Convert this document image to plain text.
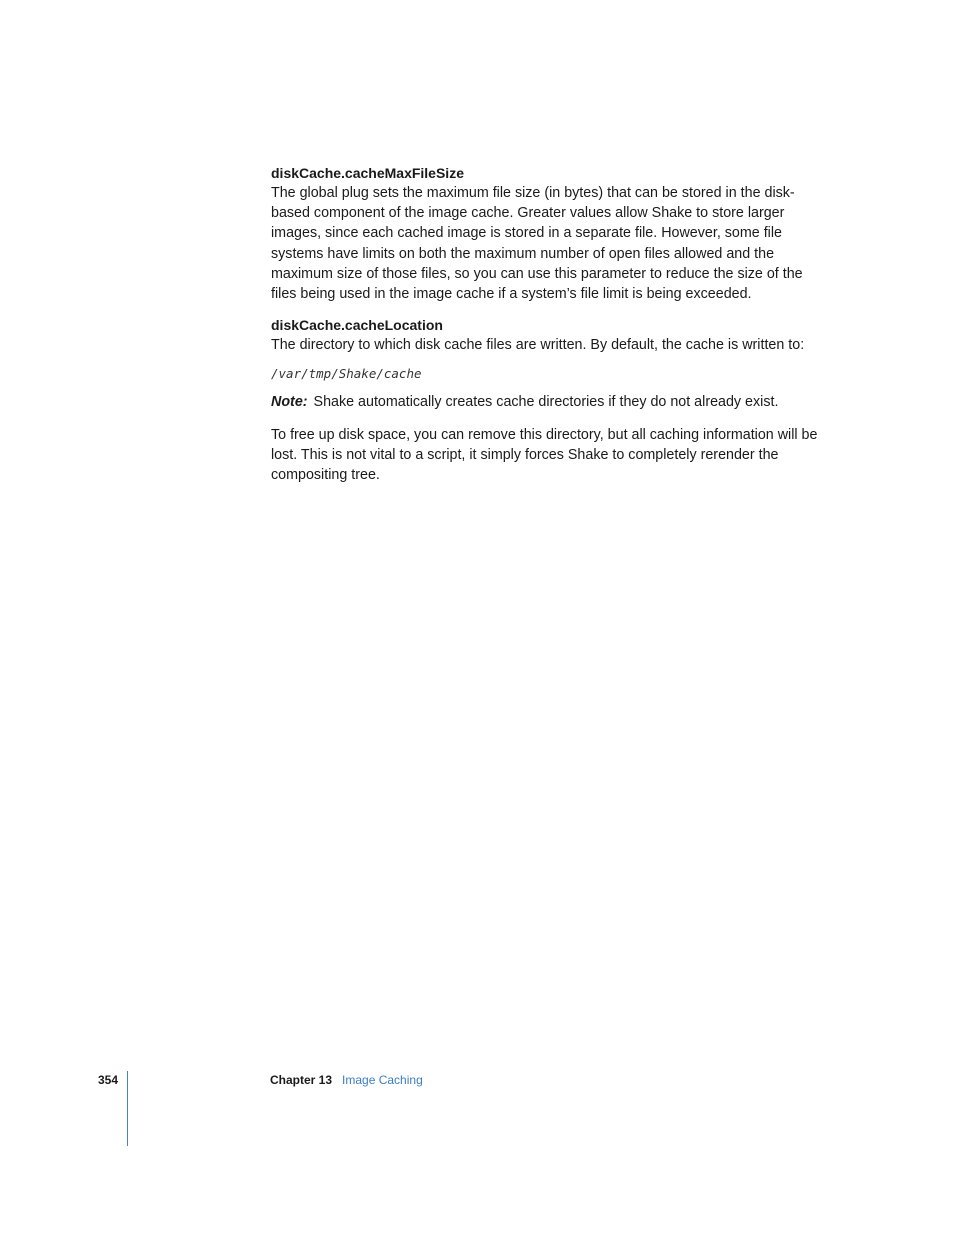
diskCache.cacheMaxFileSize

The global plug sets the maximum file size (in bytes) that can be stored in the disk-based component of the image cache. Greater values allow Shake to store larger images, since each cached image is stored in a separate file. However, some file systems have limits on both the maximum number of open files allowed and the maximum size of those files, so you can use this parameter to reduce the size of the files being used in the image cache if a system’s file limit is being exceeded.

diskCache.cacheLocation

The directory to which disk cache files are written. By default, the cache is written to:

/var/tmp/Shake/cache

Note: Shake automatically creates cache directories if they do not already exist.

To free up disk space, you can remove this directory, but all caching information will be lost. This is not vital to a script, it simply forces Shake to completely rerender the compositing tree.

354	Chapter 13 Image Caching
